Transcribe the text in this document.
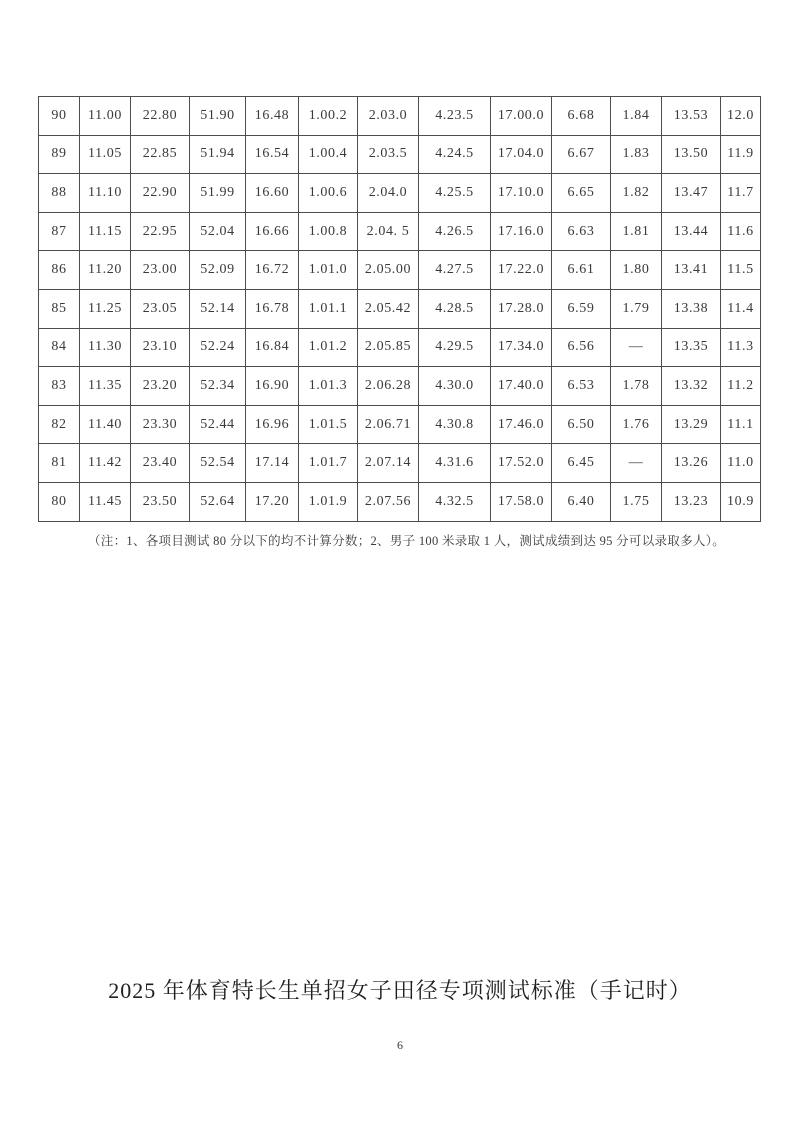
90	11.00	22.80	51.90	16.48	1.00.2	2.03.0	4.23.5	17.00.0	6.68	1.84	13.53	12.0
89	11.05	22.85	51.94	16.54	1.00.4	2.03.5	4.24.5	17.04.0	6.67	1.83	13.50	11.9
88	11.10	22.90	51.99	16.60	1.00.6	2.04.0	4.25.5	17.10.0	6.65	1.82	13.47	11.7
87	11.15	22.95	52.04	16.66	1.00.8	2.04. 5	4.26.5	17.16.0	6.63	1.81	13.44	11.6
86	11.20	23.00	52.09	16.72	1.01.0	2.05.00	4.27.5	17.22.0	6.61	1.80	13.41	11.5
85	11.25	23.05	52.14	16.78	1.01.1	2.05.42	4.28.5	17.28.0	6.59	1.79	13.38	11.4
84	11.30	23.10	52.24	16.84	1.01.2	2.05.85	4.29.5	17.34.0	6.56	—	13.35	11.3
83	11.35	23.20	52.34	16.90	1.01.3	2.06.28	4.30.0	17.40.0	6.53	1.78	13.32	11.2
82	11.40	23.30	52.44	16.96	1.01.5	2.06.71	4.30.8	17.46.0	6.50	1.76	13.29	11.1
81	11.42	23.40	52.54	17.14	1.01.7	2.07.14	4.31.6	17.52.0	6.45	—	13.26	11.0
80	11.45	23.50	52.64	17.20	1.01.9	2.07.56	4.32.5	17.58.0	6.40	1.75	13.23	10.9
（注：1、各项目测试 80 分以下的均不计算分数；2、男子 100 米录取 1 人，测试成绩到达 95 分可以录取多人）。
2025 年体育特长生单招女子田径专项测试标准（手记时）
6
